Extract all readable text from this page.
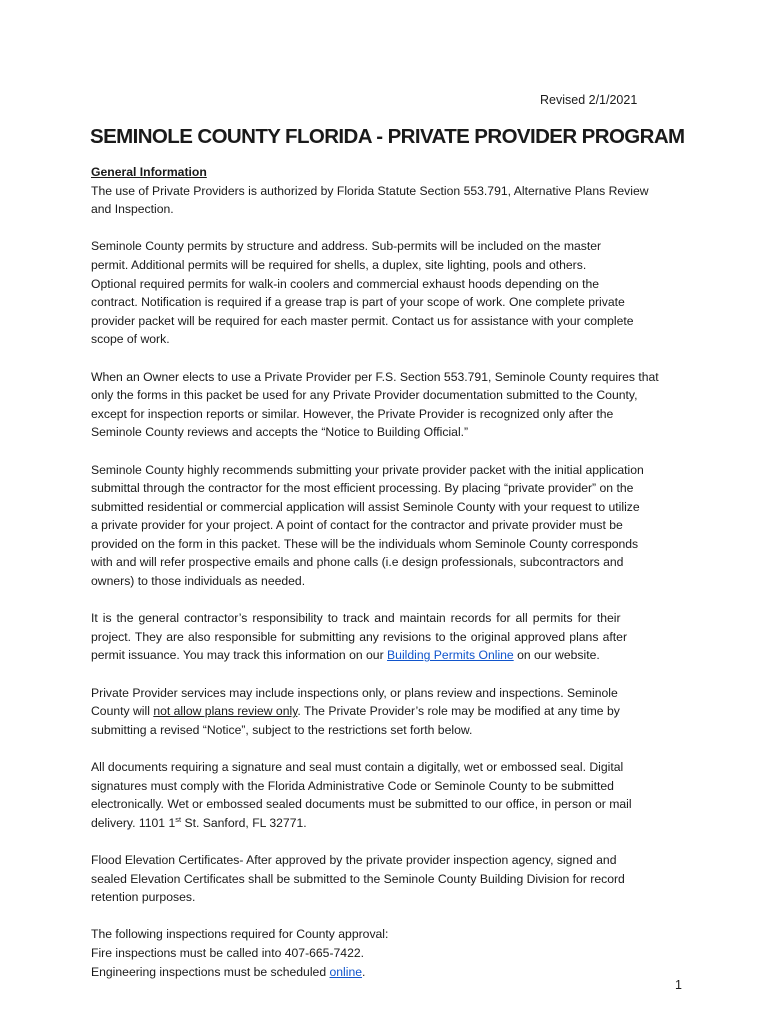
Revised 2/1/2021
SEMINOLE COUNTY FLORIDA - PRIVATE PROVIDER PROGRAM
General Information
The use of Private Providers is authorized by Florida Statute Section 553.791, Alternative Plans Review
and Inspection.
Seminole County permits by structure and address. Sub-permits will be included on the master
permit. Additional permits will be required for shells, a duplex, site lighting, pools and others.
Optional required permits for walk-in coolers and commercial exhaust hoods depending on the
contract. Notification is required if a grease trap is part of your scope of work. One complete private
provider packet will be required for each master permit. Contact us for assistance with your complete
scope of work.
When an Owner elects to use a Private Provider per F.S. Section 553.791, Seminole County requires that
only the forms in this packet be used for any Private Provider documentation submitted to the County,
except for inspection reports or similar. However, the Private Provider is recognized only after the
Seminole County reviews and accepts the “Notice to Building Official.”
Seminole County highly recommends submitting your private provider packet with the initial application
submittal through the contractor for the most efficient processing. By placing “private provider” on the
submitted residential or commercial application will assist Seminole County with your request to utilize
a private provider for your project. A point of contact for the contractor and private provider must be
provided on the form in this packet. These will be the individuals whom Seminole County corresponds
with and will refer prospective emails and phone calls (i.e design professionals, subcontractors and
owners) to those individuals as needed.
It is the general contractor’s responsibility to track and maintain records for all permits for their
project. They are also responsible for submitting any revisions to the original approved plans after
permit issuance. You may track this information on our Building Permits Online on our website.
Private Provider services may include inspections only, or plans review and inspections. Seminole
County will not allow plans review only. The Private Provider’s role may be modified at any time by
submitting a revised “Notice”, subject to the restrictions set forth below.
All documents requiring a signature and seal must contain a digitally, wet or embossed seal. Digital
signatures must comply with the Florida Administrative Code or Seminole County to be submitted
electronically. Wet or embossed sealed documents must be submitted to our office, in person or mail
delivery. 1101 1st St. Sanford, FL 32771.
Flood Elevation Certificates- After approved by the private provider inspection agency, signed and
sealed Elevation Certificates shall be submitted to the Seminole County Building Division for record
retention purposes.
The following inspections required for County approval:
Fire inspections must be called into 407-665-7422.
Engineering inspections must be scheduled online.
1
